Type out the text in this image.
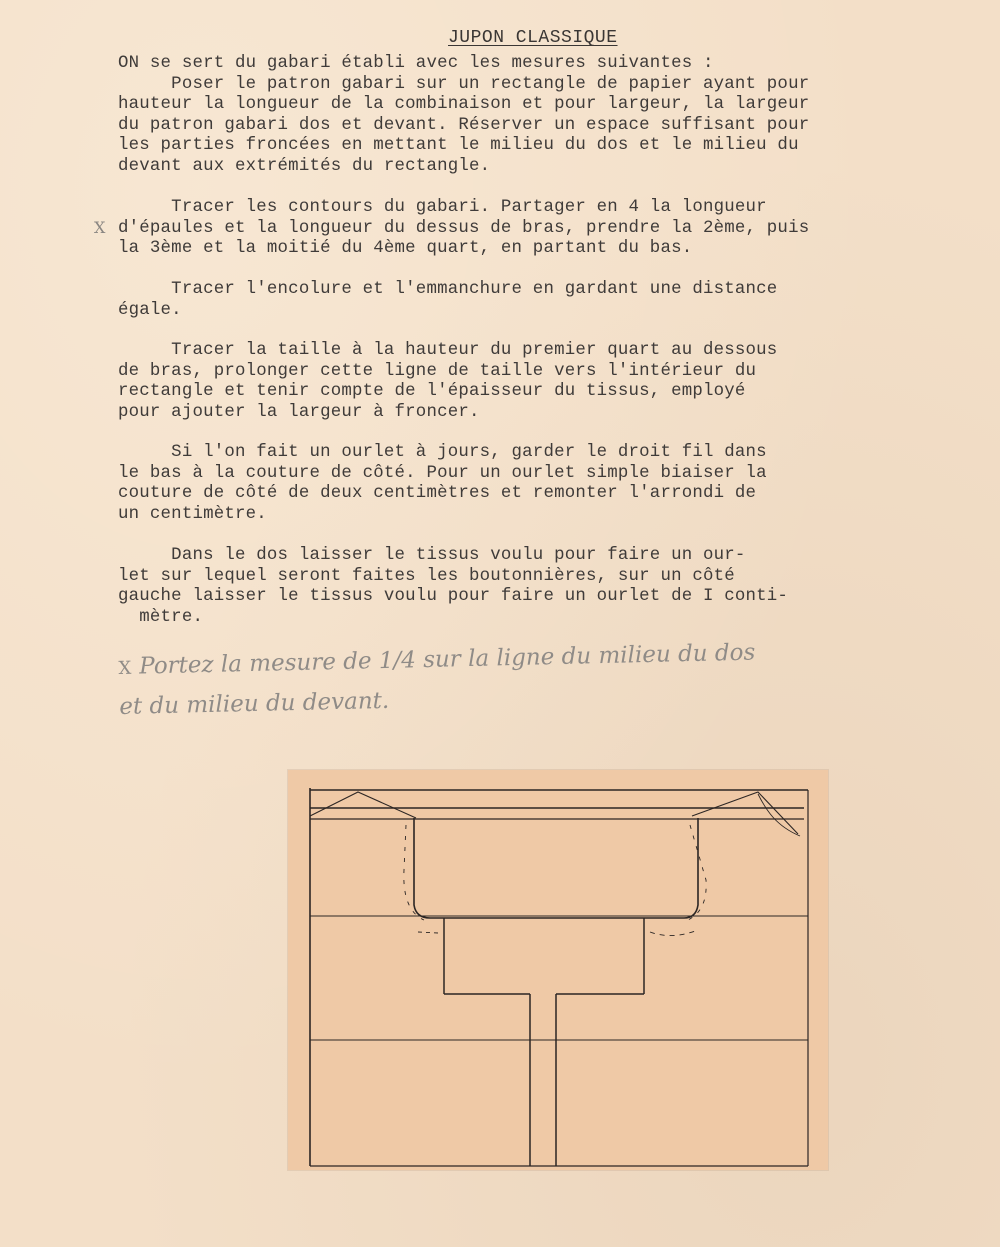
JUPON CLASSIQUE
ON se sert du gabari établi avec les mesures suivantes :
Poser le patron gabari sur un rectangle de papier ayant pour
hauteur la longueur de la combinaison et pour largeur, la largeur
du patron gabari dos et devant. Réserver un espace suffisant pour
les parties froncées en mettant le milieu du dos et le milieu du
devant aux extrémités du rectangle.
X
Tracer les contours du gabari. Partager en 4 la longueur
d'épaules et la longueur du dessus de bras, prendre la 2ème, puis
la 3ème et la moitié du 4ème quart, en partant du bas.
Tracer l'encolure et l'emmanchure en gardant une distance
égale.
Tracer la taille à la hauteur du premier quart au dessous
de bras, prolonger cette ligne de taille vers l'intérieur du
rectangle et tenir compte de l'épaisseur du tissus, employé
pour ajouter la largeur à froncer.
Si l'on fait un ourlet à jours, garder le droit fil dans
le bas à la couture de côté. Pour un ourlet simple biaiser la
couture de côté de deux centimètres et remonter l'arrondi de
un centimètre.
Dans le dos laisser le tissus voulu pour faire un our-
let sur lequel seront faites les boutonnières, sur un côté
gauche laisser le tissus voulu pour faire un ourlet de I conti-
mètre.
X Portez la mesure de 1/4 sur la ligne du milieu du dos
et du milieu du devant.
